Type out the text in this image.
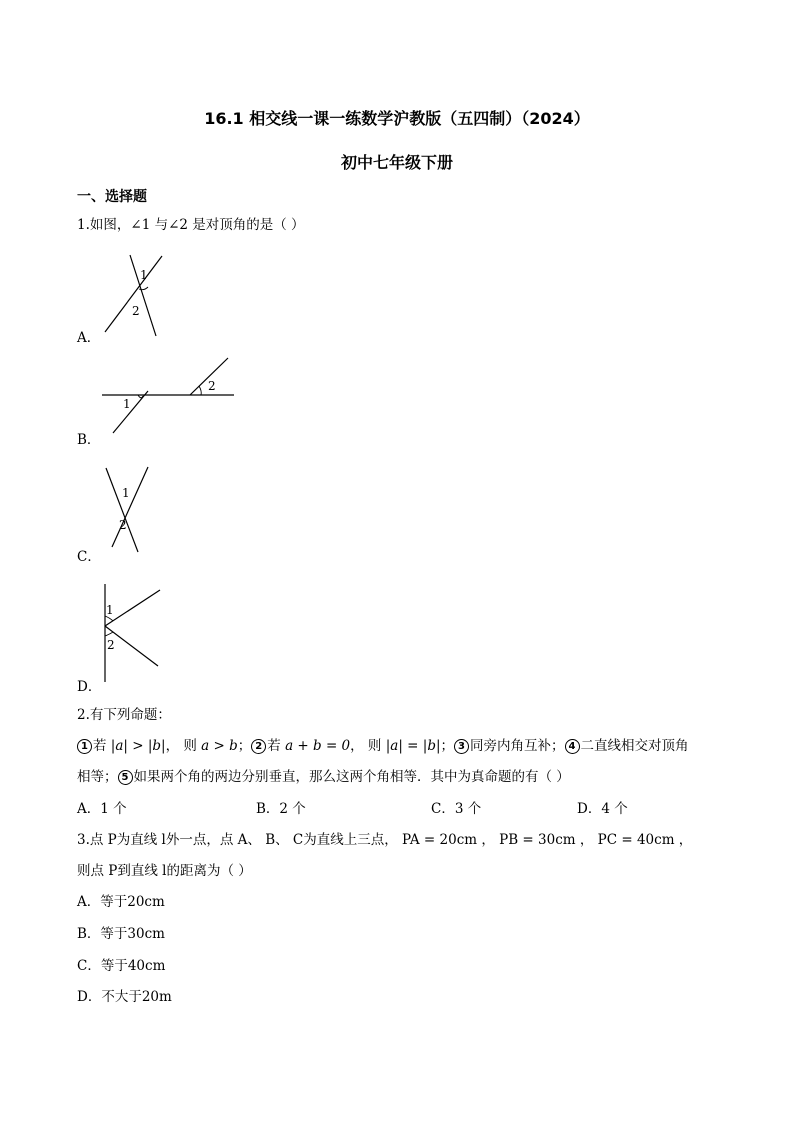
16.1 相交线一课一练数学沪教版（五四制）（2024）
初中七年级下册
一、选择题
1.如图，∠1 与∠2 是对顶角的是（ ）
1
2
A．
1
2
B．
1
2
C．
1
2
D．
2.有下列命题：
1 若 |a| > |b|， 则 a > b； 2 若 a + b = 0， 则 |a| = |b|； 3 同旁内角互补； 4 二直线相交对顶角
相等； 5 如果两个角的两边分别垂直，那么这两个角相等．其中为真命题的有（ ）
A．1 个	B．2 个	C．3 个	D．4 个
3.点 P为直线 l外一点，点 A、 B、 C为直线上三点， PA = 20cm ， PB = 30cm ， PC = 40cm ，
则点 P到直线 l的距离为（ ）
A．等于20cm
B．等于30cm
C．等于40cm
D．不大于20m
